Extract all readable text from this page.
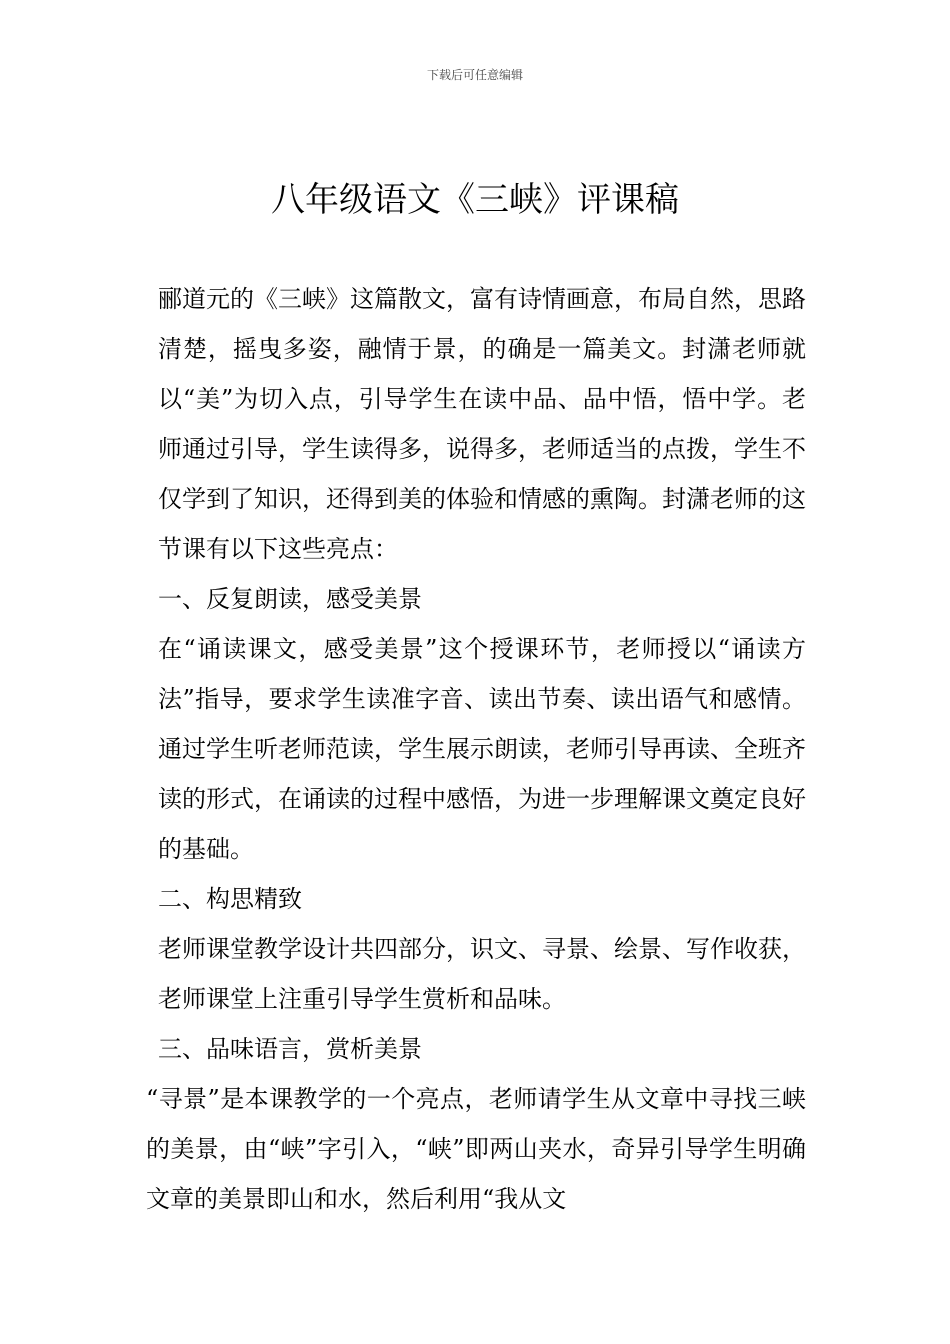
下载后可任意编辑
八年级语文《三峡》评课稿

郦道元的《三峡》这篇散文，富有诗情画意，布局自然，思路清楚，摇曳多姿，融情于景，的确是一篇美文。封潇老师就以“美”为切入点，引导学生在读中品、品中悟，悟中学。老师通过引导，学生读得多，说得多，老师适当的点拨，学生不仅学到了知识，还得到美的体验和情感的熏陶。封潇老师的这节课有以下这些亮点：

一、反复朗读，感受美景

在“诵读课文，感受美景”这个授课环节，老师授以“诵读方法”指导，要求学生读准字音、读出节奏、读出语气和感情。通过学生听老师范读，学生展示朗读，老师引导再读、全班齐读的形式，在诵读的过程中感悟，为进一步理解课文奠定良好的基础。

二、构思精致

老师课堂教学设计共四部分，识文、寻景、绘景、写作收获，老师课堂上注重引导学生赏析和品味。

三、品味语言，赏析美景

“寻景”是本课教学的一个亮点，老师请学生从文章中寻找三峡的美景，由“峡”字引入，“峡”即两山夹水，奇异引导学生明确文章的美景即山和水，然后利用“我从文
